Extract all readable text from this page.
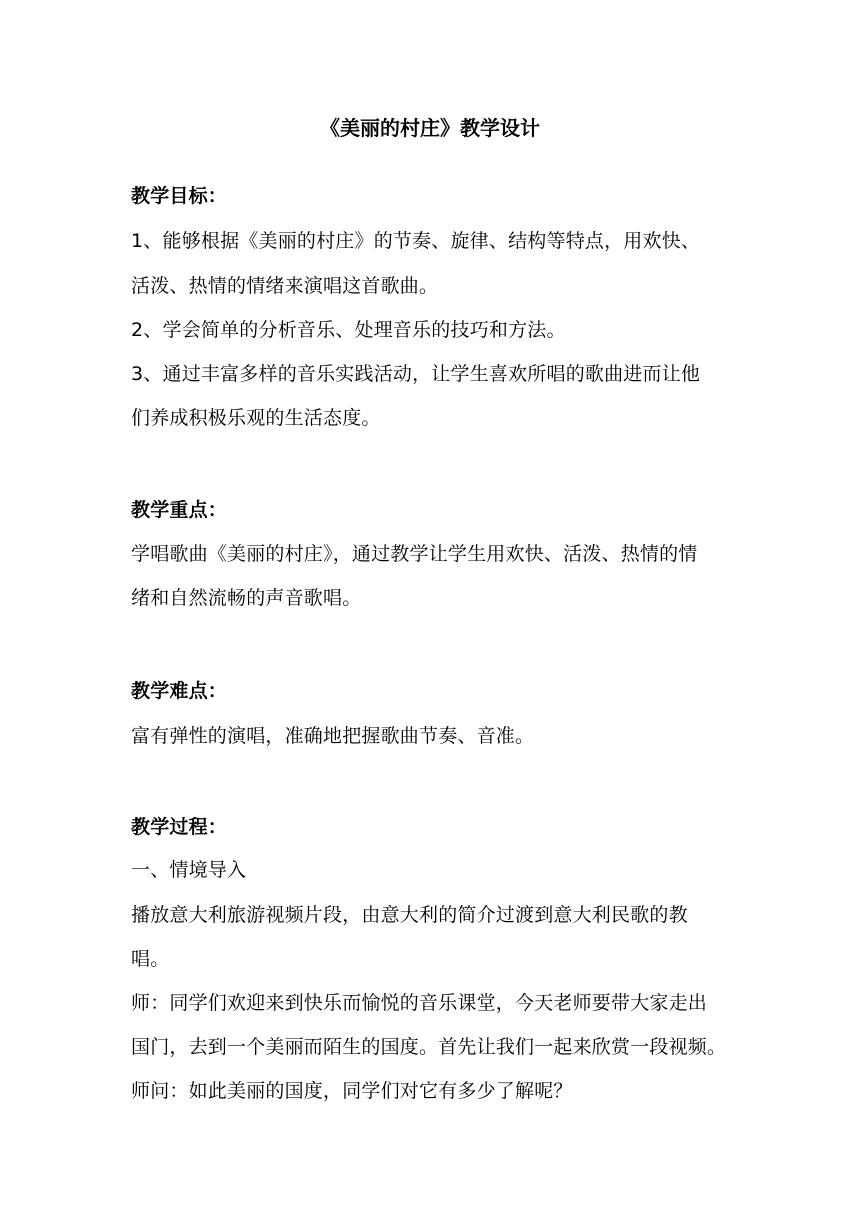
《美丽的村庄》教学设计
教学目标：
1、能够根据《美丽的村庄》的节奏、旋律、结构等特点，用欢快、
活泼、热情的情绪来演唱这首歌曲。
2、学会简单的分析音乐、处理音乐的技巧和方法。
3、通过丰富多样的音乐实践活动，让学生喜欢所唱的歌曲进而让他
们养成积极乐观的生活态度。
教学重点：
学唱歌曲《美丽的村庄》，通过教学让学生用欢快、活泼、热情的情
绪和自然流畅的声音歌唱。
教学难点：
富有弹性的演唱，准确地把握歌曲节奏、音准。
教学过程：
一、情境导入
播放意大利旅游视频片段，由意大利的简介过渡到意大利民歌的教
唱。
师：同学们欢迎来到快乐而愉悦的音乐课堂，今天老师要带大家走出
国门，去到一个美丽而陌生的国度。首先让我们一起来欣赏一段视频。
师问：如此美丽的国度，同学们对它有多少了解呢？
